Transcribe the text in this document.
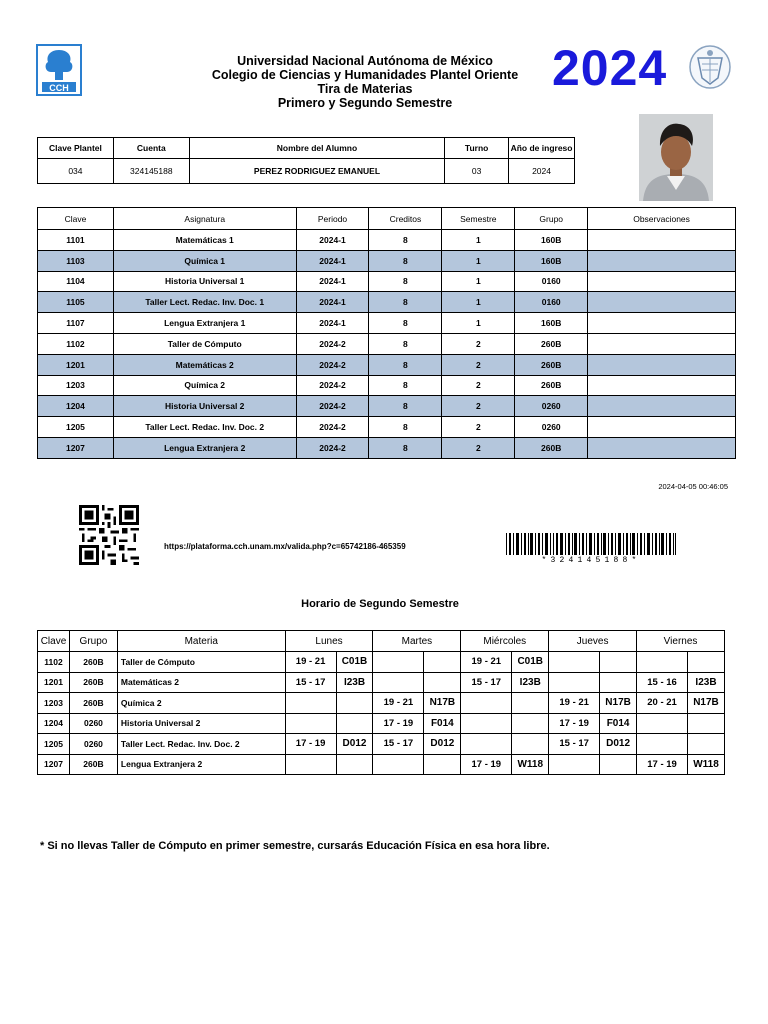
CCH
Universidad Nacional Autónoma de México
Colegio de Ciencias y Humanidades Plantel Oriente
Tira de Materias
Primero y Segundo Semestre
2024
Clave Plantel	Cuenta	Nombre del Alumno	Turno	Año de ingreso
034	324145188	PEREZ RODRIGUEZ EMANUEL	03	2024
Clave	Asignatura	Periodo	Creditos	Semestre	Grupo	Observaciones
1101	Matemáticas 1	2024-1	8	1	160B	
1103	Química 1	2024-1	8	1	160B	
1104	Historia Universal 1	2024-1	8	1	0160	
1105	Taller Lect. Redac. Inv. Doc. 1	2024-1	8	1	0160	
1107	Lengua Extranjera 1	2024-1	8	1	160B	
1102	Taller de Cómputo	2024-2	8	2	260B	
1201	Matemáticas 2	2024-2	8	2	260B	
1203	Química 2	2024-2	8	2	260B	
1204	Historia Universal 2	2024-2	8	2	0260	
1205	Taller Lect. Redac. Inv. Doc. 2	2024-2	8	2	0260	
1207	Lengua Extranjera 2	2024-2	8	2	260B	
2024-04-05 00:46:05
https://plataforma.cch.unam.mx/valida.php?c=65742186-465359
*324145188*
Horario de Segundo Semestre
Clave	Grupo	Materia	Lunes		Martes		Miércoles		Jueves		Viernes	
1102	260B	Taller de Cómputo	19 - 21	C01B			19 - 21	C01B				
1201	260B	Matemáticas 2	15 - 17	I23B			15 - 17	I23B			15 - 16	I23B
1203	260B	Química 2			19 - 21	N17B			19 - 21	N17B	20 - 21	N17B
1204	0260	Historia Universal 2			17 - 19	F014			17 - 19	F014		
1205	0260	Taller Lect. Redac. Inv. Doc. 2	17 - 19	D012	15 - 17	D012			15 - 17	D012		
1207	260B	Lengua Extranjera 2					17 - 19	W118			17 - 19	W118
* Si no llevas Taller de Cómputo en primer semestre, cursarás Educación Física en esa hora libre.
